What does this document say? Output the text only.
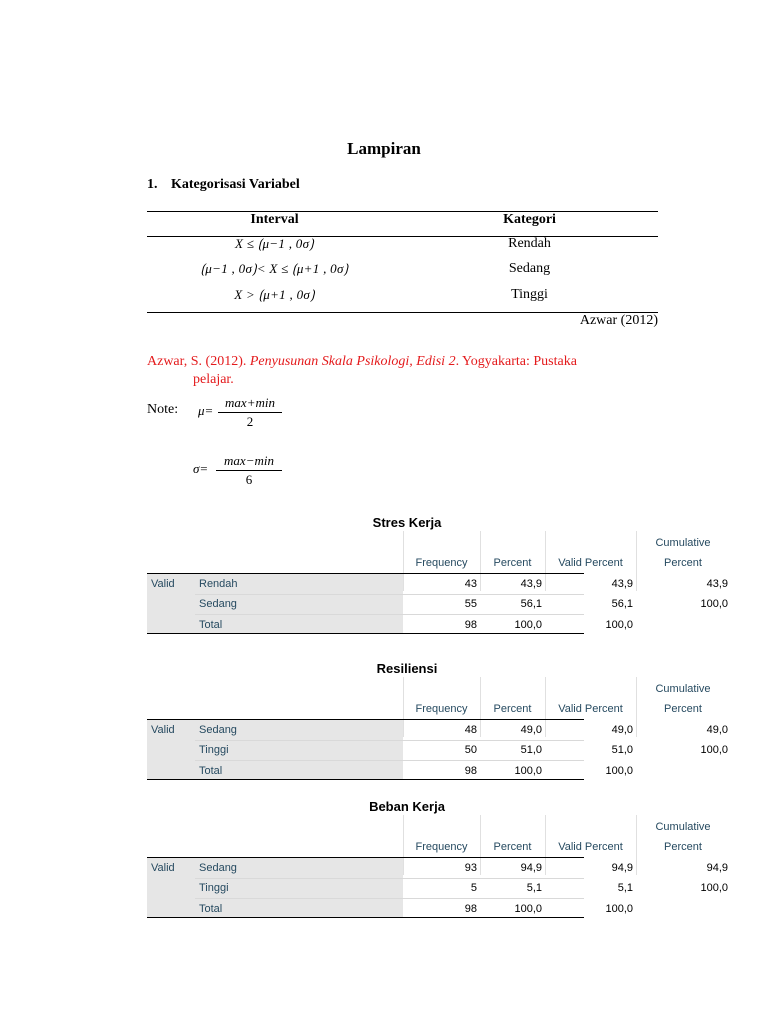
Lampiran
1. Kategorisasi Variabel
Interval	Kategori
X ≤ ⟮μ−1 , 0σ⟯	Rendah
⟮μ−1 , 0σ⟯< X ≤ ⟮μ+1 , 0σ⟯	Sedang
X > ⟮μ+1 , 0σ⟯	Tinggi
Azwar (2012)
Azwar, S. (2012). Penyusunan Skala Psikologi, Edisi 2. Yogyakarta: Pustaka
pelajar.
Note: μ=
max+min
2
σ=
max−min
6
Stres Kerja
Frequency	Percent	Valid Percent
Cumulative
Percent
Valid Rendah	43	43,9	43,9	43,9
Sedang	55	56,1	56,1	100,0
Total	98	100,0	100,0
Resiliensi
Frequency	Percent	Valid Percent
Cumulative
Percent
Valid Sedang	48	49,0	49,0	49,0
Tinggi	50	51,0	51,0	100,0
Total	98	100,0	100,0
Beban Kerja
Frequency	Percent	Valid Percent
Cumulative
Percent
Valid Sedang	93	94,9	94,9	94,9
Tinggi	5	5,1	5,1	100,0
Total	98	100,0	100,0
